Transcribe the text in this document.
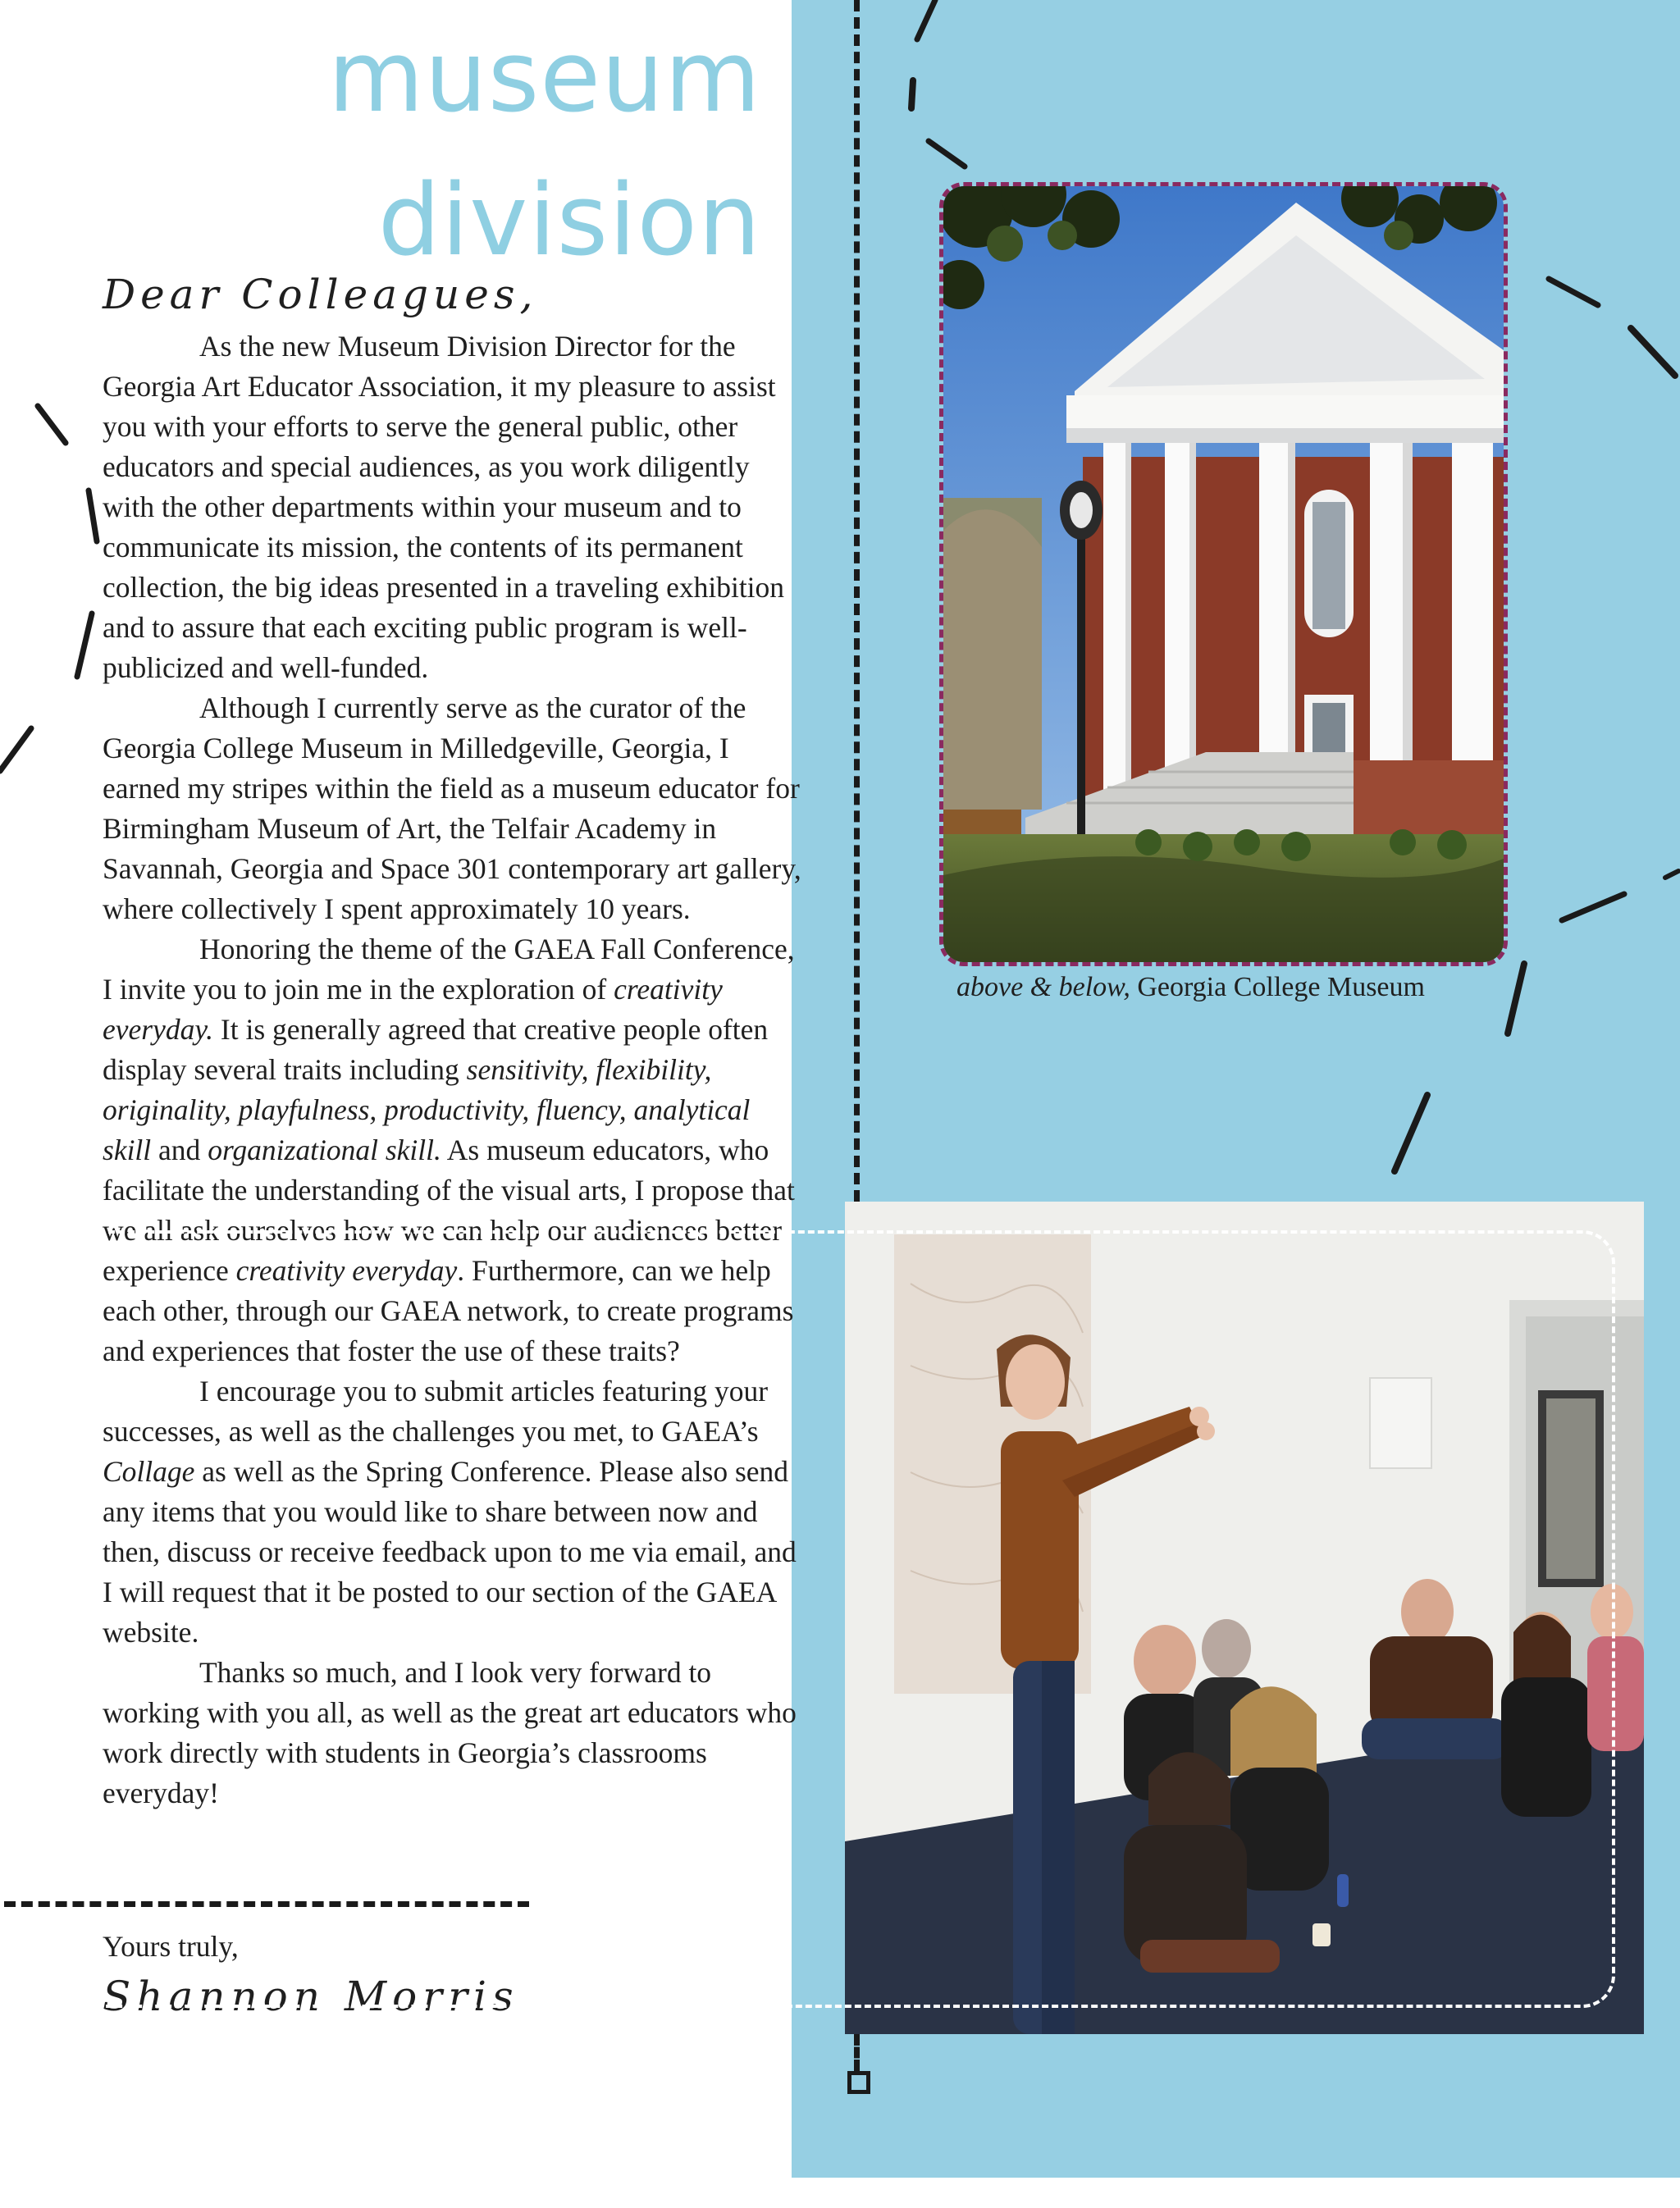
museum
division
Dear Colleagues,

As the new Museum Division Director for the Georgia Art Educator Association, it my pleasure to assist you with your efforts to serve the general public, other educators and special audiences, as you work diligently with the other departments within your museum and to communicate its mission, the contents of its permanent collection, the big ideas presented in a traveling exhibition and to assure that each exciting public program is well-publicized and well-funded.

Although I currently serve as the curator of the Georgia College Museum in Milledgeville, Georgia, I earned my stripes within the field as a museum educator for Birmingham Museum of Art, the Telfair Academy in Savannah, Georgia and Space 301 contemporary art gallery, where collectively I spent approximately 10 years.

Honoring the theme of the GAEA Fall Conference, I invite you to join me in the exploration of creativity everyday. It is generally agreed that creative people often display several traits including sensitivity, flexibility, originality, playfulness, productivity, fluency, analytical skill and organizational skill. As museum educators, who facilitate the understanding of the visual arts, I propose that we all ask ourselves how we can help our audiences better experience creativity everyday. Furthermore, can we help each other, through our GAEA network, to create programs and experiences that foster the use of these traits?

I encourage you to submit articles featuring your successes, as well as the challenges you met, to GAEA’s Collage as well as the Spring Conference. Please also send any items that you would like to share between now and then, discuss or receive feedback upon to me via email, and I will request that it be posted to our section of the GAEA website.

Thanks so much, and I look very forward to working with you all, as well as the great art educators who work directly with students in Georgia’s classrooms everyday!

Yours truly,
Shannon Morris
above & below, Georgia College Museum
